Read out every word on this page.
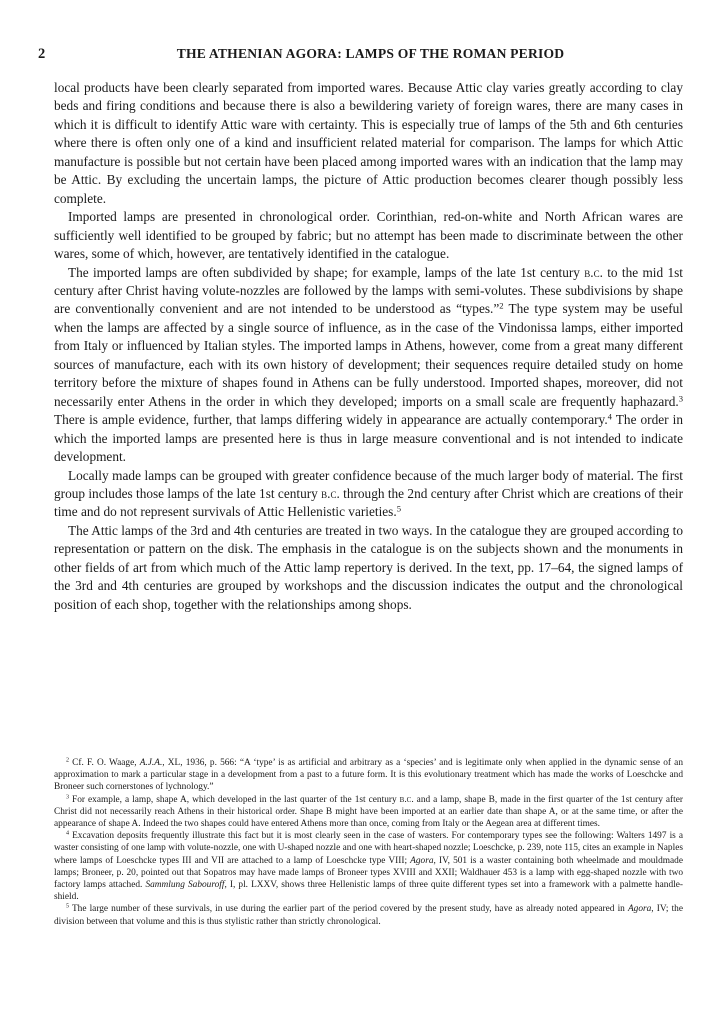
2	THE ATHENIAN AGORA: LAMPS OF THE ROMAN PERIOD

local products have been clearly separated from imported wares. Because Attic clay varies greatly according to clay beds and firing conditions and because there is also a bewildering variety of foreign wares, there are many cases in which it is difficult to identify Attic ware with certainty. This is especially true of lamps of the 5th and 6th centuries where there is often only one of a kind and insufficient related material for comparison. The lamps for which Attic manufacture is possible but not certain have been placed among imported wares with an indication that the lamp may be Attic. By excluding the uncertain lamps, the picture of Attic production becomes clearer though possibly less complete.

Imported lamps are presented in chronological order. Corinthian, red-on-white and North African wares are sufficiently well identified to be grouped by fabric; but no attempt has been made to discriminate between the other wares, some of which, however, are tentatively identified in the catalogue.

The imported lamps are often subdivided by shape; for example, lamps of the late 1st century b.c. to the mid 1st century after Christ having volute-nozzles are followed by the lamps with semi-volutes. These subdivisions by shape are conventionally convenient and are not intended to be understood as “types.”$^2$ The type system may be useful when the lamps are affected by a single source of influence, as in the case of the Vindonissa lamps, either imported from Italy or influenced by Italian styles. The imported lamps in Athens, however, come from a great many different sources of manufacture, each with its own history of development; their sequences require detailed study on home territory before the mixture of shapes found in Athens can be fully understood. Imported shapes, moreover, did not necessarily enter Athens in the order in which they developed; imports on a small scale are frequently haphazard.$^3$ There is ample evidence, further, that lamps differing widely in appearance are actually contemporary.$^4$ The order in which the imported lamps are presented here is thus in large measure conventional and is not intended to indicate development.

Locally made lamps can be grouped with greater confidence because of the much larger body of material. The first group includes those lamps of the late 1st century b.c. through the 2nd century after Christ which are creations of their time and do not represent survivals of Attic Hellenistic varieties.$^5$

The Attic lamps of the 3rd and 4th centuries are treated in two ways. In the catalogue they are grouped according to representation or pattern on the disk. The emphasis in the catalogue is on the subjects shown and the monuments in other fields of art from which much of the Attic lamp repertory is derived. In the text, pp. 17–64, the signed lamps of the 3rd and 4th centuries are grouped by workshops and the discussion indicates the output and the chronological position of each shop, together with the relationships among shops.

$^2$ Cf. F. O. Waage, A.J.A., XL, 1936, p. 566: “A ‘type’ is as artificial and arbitrary as a ‘species’ and is legitimate only when applied in the dynamic sense of an approximation to mark a particular stage in a development from a past to a future form. It is this evolutionary treatment which has made the works of Loeschcke and Broneer such cornerstones of lychnology.”

$^3$ For example, a lamp, shape A, which developed in the last quarter of the 1st century b.c. and a lamp, shape B, made in the first quarter of the 1st century after Christ did not necessarily reach Athens in their historical order. Shape B might have been imported at an earlier date than shape A, or at the same time, or after the appearance of shape A. Indeed the two shapes could have entered Athens more than once, coming from Italy or the Aegean area at different times.

$^4$ Excavation deposits frequently illustrate this fact but it is most clearly seen in the case of wasters. For contemporary types see the following: Walters 1497 is a waster consisting of one lamp with volute-nozzle, one with U-shaped nozzle and one with heart-shaped nozzle; Loeschcke, p. 239, note 115, cites an example in Naples where lamps of Loeschcke types III and VII are attached to a lamp of Loeschcke type VIII; Agora, IV, 501 is a waster containing both wheelmade and mouldmade lamps; Broneer, p. 20, pointed out that Sopatros may have made lamps of Broneer types XVIII and XXII; Waldhauer 453 is a lamp with egg-shaped nozzle with two factory lamps attached. Sammlung Sabouroff, I, pl. LXXV, shows three Hellenistic lamps of three quite different types set into a framework with a palmette handle-shield.

$^5$ The large number of these survivals, in use during the earlier part of the period covered by the present study, have as already noted appeared in Agora, IV; the division between that volume and this is thus stylistic rather than strictly chronological.
